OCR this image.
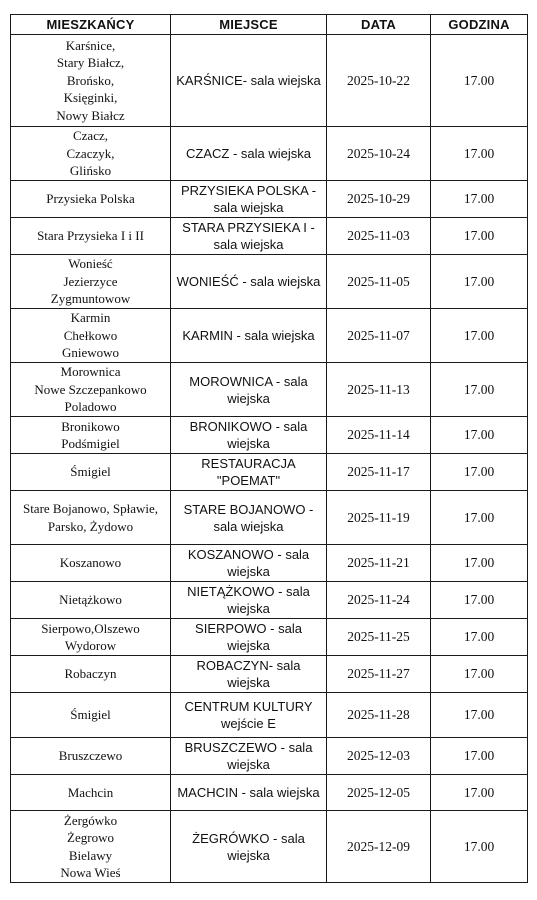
MIESZKAŃCY	MIEJSCE	DATA	GODZINA

Karśnice,
Stary Białcz,
Brońsko,
Księginki,
Nowy Białcz	KARŚNICE- sala wiejska	2025-10-22	17.00

Czacz,
Czaczyk,
Glińsko	CZACZ - sala wiejska	2025-10-24	17.00

Przysieka Polska	PRZYSIEKA POLSKA -
sala wiejska	2025-10-29	17.00

Stara Przysieka I i II	STARA PRZYSIEKA I -
sala wiejska	2025-11-03	17.00

Wonieść
Jezierzyce
Zygmuntowow	WONIEŚĆ - sala wiejska	2025-11-05	17.00

Karmin
Chełkowo
Gniewowo	KARMIN - sala wiejska	2025-11-07	17.00

Morownica
Nowe Szczepankowo
Poladowo	MOROWNICA - sala
wiejska	2025-11-13	17.00

Bronikowo
Podśmigiel	BRONIKOWO - sala
wiejska	2025-11-14	17.00

Śmigiel	RESTAURACJA
"POEMAT"	2025-11-17	17.00

Stare Bojanowo, Spławie,
Parsko, Żydowo	STARE BOJANOWO -
sala wiejska	2025-11-19	17.00

Koszanowo	KOSZANOWO - sala
wiejska	2025-11-21	17.00

Nietążkowo	NIETĄŻKOWO - sala
wiejska	2025-11-24	17.00

Sierpowo,Olszewo
Wydorow	SIERPOWO - sala
wiejska	2025-11-25	17.00

Robaczyn	ROBACZYN- sala
wiejska	2025-11-27	17.00

Śmigiel	CENTRUM KULTURY
wejście E	2025-11-28	17.00

Bruszczewo	BRUSZCZEWO - sala
wiejska	2025-12-03	17.00

Machcin	MACHCIN - sala wiejska	2025-12-05	17.00

Żergówko
Żegrowo
Bielawy
Nowa Wieś	ŻEGRÓWKO - sala
wiejska	2025-12-09	17.00
